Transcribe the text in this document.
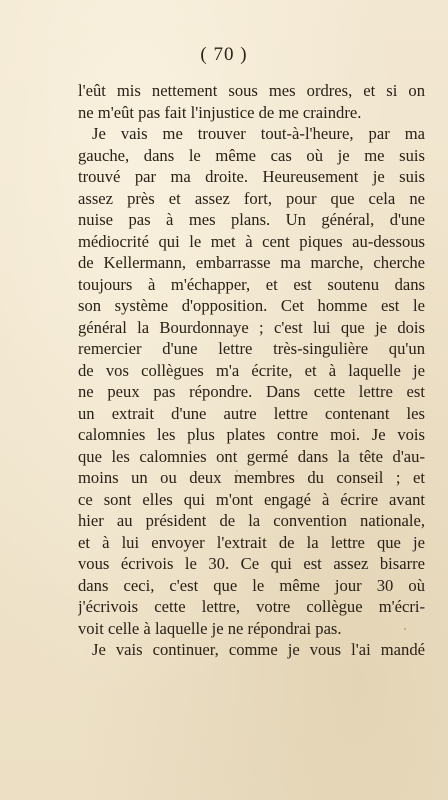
( 70 )
l'eût mis nettement sous mes ordres, et si on
ne m'eût pas fait l'injustice de me craindre.
Je vais me trouver tout-à-l'heure, par ma
gauche, dans le même cas où je me suis
trouvé par ma droite. Heureusement je suis
assez près et assez fort, pour que cela ne
nuise pas à mes plans. Un général, d'une
médiocrité qui le met à cent piques au-dessous
de Kellermann, embarrasse ma marche, cherche
toujours à m'échapper, et est soutenu dans
son système d'opposition. Cet homme est le
général la Bourdonnaye ; c'est lui que je dois
remercier d'une lettre très-singulière qu'un
de vos collègues m'a écrite, et à laquelle je
ne peux pas répondre. Dans cette lettre est
un extrait d'une autre lettre contenant les
calomnies les plus plates contre moi. Je vois
que les calomnies ont germé dans la tête d'au-
moins un ou deux membres du conseil ; et
ce sont elles qui m'ont engagé à écrire avant
hier au président de la convention nationale,
et à lui envoyer l'extrait de la lettre que je
vous écrivois le 30. Ce qui est assez bisarre
dans ceci, c'est que le même jour 30 où
j'écrivois cette lettre, votre collègue m'écri-
voit celle à laquelle je ne répondrai pas.
Je vais continuer, comme je vous l'ai mandé
